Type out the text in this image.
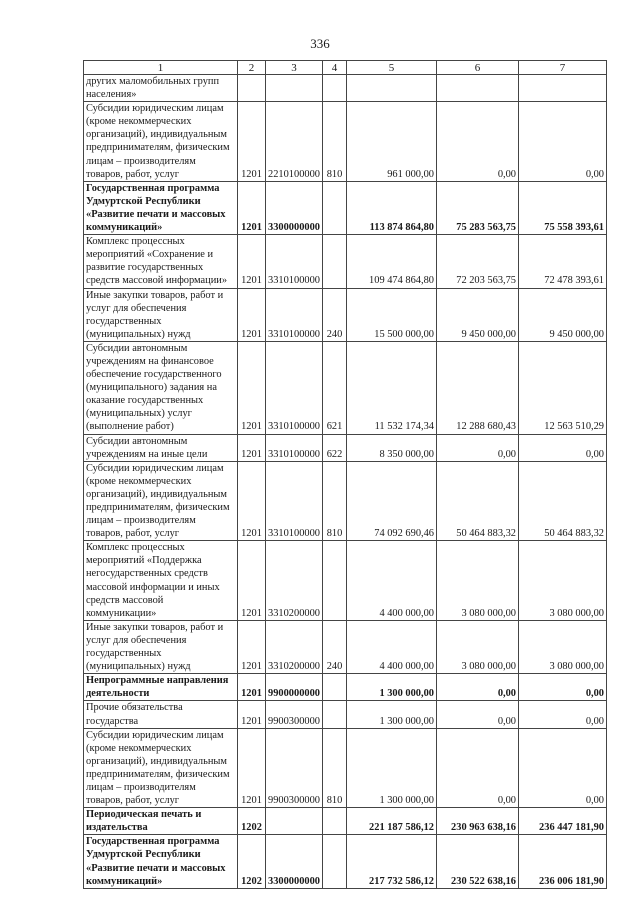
336
1	2	3	4	5	6	7
других маломобильных групп населения»						
Субсидии юридическим лицам (кроме некоммерческих организаций), индивидуальным предпринимателям, физическим лицам – производителям товаров, работ, услуг	1201	2210100000	810	961 000,00	0,00	0,00
Государственная программа Удмуртской Республики «Развитие печати и массовых коммуникаций»	1201	3300000000		113 874 864,80	75 283 563,75	75 558 393,61
Комплекс процессных мероприятий «Сохранение и развитие государственных средств массовой информации»	1201	3310100000		109 474 864,80	72 203 563,75	72 478 393,61
Иные закупки товаров, работ и услуг для обеспечения государственных (муниципальных) нужд	1201	3310100000	240	15 500 000,00	9 450 000,00	9 450 000,00
Субсидии автономным учреждениям на финансовое обеспечение государственного (муниципального) задания на оказание государственных (муниципальных) услуг (выполнение работ)	1201	3310100000	621	11 532 174,34	12 288 680,43	12 563 510,29
Субсидии автономным учреждениям на иные цели	1201	3310100000	622	8 350 000,00	0,00	0,00
Субсидии юридическим лицам (кроме некоммерческих организаций), индивидуальным предпринимателям, физическим лицам – производителям товаров, работ, услуг	1201	3310100000	810	74 092 690,46	50 464 883,32	50 464 883,32
Комплекс процессных мероприятий «Поддержка негосударственных средств массовой информации и иных средств массовой коммуникации»	1201	3310200000		4 400 000,00	3 080 000,00	3 080 000,00
Иные закупки товаров, работ и услуг для обеспечения государственных (муниципальных) нужд	1201	3310200000	240	4 400 000,00	3 080 000,00	3 080 000,00
Непрограммные направления деятельности	1201	9900000000		1 300 000,00	0,00	0,00
Прочие обязательства государства	1201	9900300000		1 300 000,00	0,00	0,00
Субсидии юридическим лицам (кроме некоммерческих организаций), индивидуальным предпринимателям, физическим лицам – производителям товаров, работ, услуг	1201	9900300000	810	1 300 000,00	0,00	0,00
Периодическая печать и издательства	1202			221 187 586,12	230 963 638,16	236 447 181,90
Государственная программа Удмуртской Республики «Развитие печати и массовых коммуникаций»	1202	3300000000		217 732 586,12	230 522 638,16	236 006 181,90
